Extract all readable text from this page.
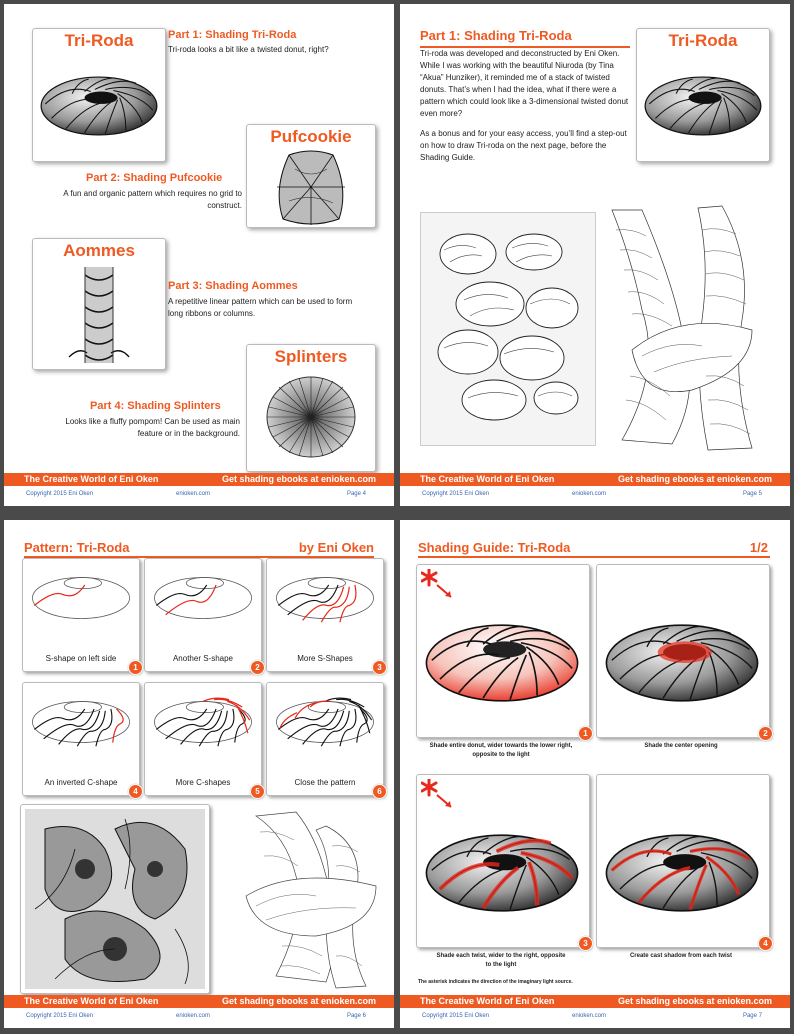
Tri-Roda	Part 1: Shading Tri-Roda
Tri-roda looks a bit like a twisted donut, right?
Pufcookie
Part 2: Shading Pufcookie
A fun and organic pattern which requires no grid to construct.
Aommes
Part 3: Shading Aommes
A repetitive linear pattern which can be used to form long ribbons or columns.
Splinters
Part 4: Shading Splinters
Looks like a fluffy pompom! Can be used as main feature or in the background.
The Creative World of Eni Oken	Get shading ebooks at enioken.com
Copyright 2015 Eni Oken	enioken.com	Page 4
Part 1: Shading Tri-Roda
Tri-roda was developed and deconstructed by Eni Oken. While I was working with the beautiful Niuroda (by Tina “Akua” Hunziker), it reminded me of a stack of twisted donuts. That’s when I had the idea, what if there were a pattern which could look like a 3-dimensional twisted donut even more?
As a bonus and for your easy access, you’ll find a step-out on how to draw Tri-roda on the next page, before the Shading Guide.
Tri-Roda
The Creative World of Eni Oken	Get shading ebooks at enioken.com
Copyright 2015 Eni Oken	enioken.com	Page 5
Pattern: Tri-Roda	by Eni Oken
S-shape on left side
1
Another S-shape
2
More S-Shapes
3
An inverted C-shape
4
More C-shapes
5
Close the pattern
6
The Creative World of Eni Oken	Get shading ebooks at enioken.com
Copyright 2015 Eni Oken	enioken.com	Page 6
Shading Guide: Tri-Roda	1/2
1
Shade entire donut, wider towards the lower right, opposite to the light
2
Shade the center opening
3
Shade each twist, wider to the right, opposite to the light
4
Create cast shadow from each twist
The asterisk indicates the direction of the imaginary light source.
The Creative World of Eni Oken	Get shading ebooks at enioken.com
Copyright 2015 Eni Oken	enioken.com	Page 7
